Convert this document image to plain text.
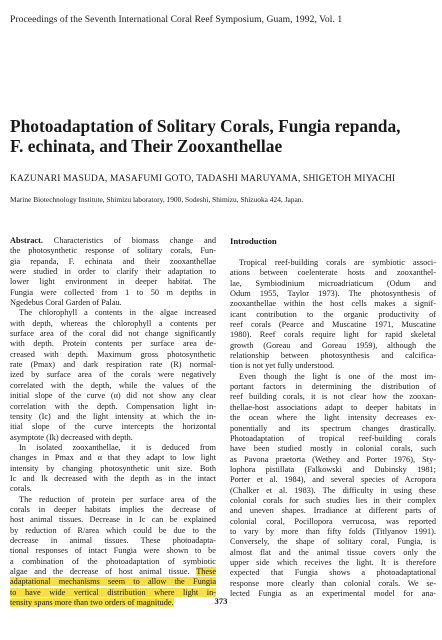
Proceedings of the Seventh International Coral Reef Symposium, Guam, 1992, Vol. 1
Photoadaptation of Solitary Corals, Fungia repanda,
F. echinata, and Their Zooxanthellae
KAZUNARI MASUDA, MASAFUMI GOTO, TADASHI MARUYAMA, SHIGETOH MIYACHI
Marine Biotechnology Institute, Shimizu laboratory, 1900, Sodeshi, Shimizu, Shizuoka 424, Japan.
Abstract. Characteristics of biomass change and
the photosynthetic response of solitary corals, Fun-
gia repanda, F. echinata and their zooxanthellae
were studied in order to clarify their adaptation to
lower light environment in deeper habitat. The
Fungia were collected from 1 to 50 m depths in
Ngedebus Coral Garden of Palau.
The chlorophyll a contents in the algae increased
with depth, whereas the chlorophyll a contents per
surface area of the coral did not change significantly
with depth. Protein contents per surface area de-
creased with depth. Maximum gross photosynthetic
rate (Pmax) and dark respiration rate (R) normal-
ized by surface area of the corals were negatively
correlated with the depth, while the values of the
initial slope of the curve (α) did not show any clear
correlation with the depth. Compensation light in-
tensity (Ic) and the light intensity at which the in-
itial slope of the curve intercepts the horizontal
asymptote (Ik) decreased with depth.
In isolated zooxanthellae, it is deduced from
changes in Pmax and α that they adapt to low light
intensity by changing photosynthetic unit size. Both
Ic and Ik decreased with the depth as in the intact
corals.
The reduction of protein per surface area of the
corals in deeper habitats implies the decrease of
host animal tissues. Decrease in Ic can be explained
by reduction of R/area which could be due to the
decrease in animal tissues. These photoadapta-
tional responses of intact Fungia were shown to be
a combination of the photoadaptation of symbiotic
algae and the decrease of host animal tissue. These
adaptational mechanisms seem to allow the Fungia
to have wide vertical distribution where light in-
tensity spans more than two orders of magnitude.
Introduction
Tropical reef-building corals are symbiotic associ-
ations between coelenterate hosts and zooxanthel-
lae, Symbiodinium microadriaticum (Odum and
Odum 1955, Taylor 1973). The photosynthesis of
zooxanthellae within the host cells makes a signif-
icant contribution to the organic productivity of
reef corals (Pearce and Muscatine 1971, Muscatine
1980). Reef corals require light for rapid skeletal
growth (Goreau and Goreau 1959), although the
relationship between photosynthesis and calcifica-
tion is not yet fully understood.
Even though the light is one of the most im-
portant factors in determining the distribution of
reef building corals, it is not clear how the zooxan-
thellae-host associations adapt to deeper habitats in
the ocean where the light intensity decreases ex-
ponentially and its spectrum changes drastically.
Photoadaptation of tropical reef-building corals
have been studied mostly in colonial corals, such
as Pavona praetorta (Wethey and Porter 1976), Sty-
lophora pistillata (Falkowski and Dubinsky 1981;
Porter et al. 1984), and several species of Acropora
(Chalker et al. 1983). The difficulty in using these
colonial corals for such studies lies in their complex
and uneven shapes. Irradiance at different parts of
colonial coral, Pocillopora verrucosa, was reported
to vary by more than fifty folds (Titlyanov 1991).
Conversely, the shape of solitary coral, Fungia, is
almost flat and the animal tissue covers only the
upper side which receives the light. It is therefore
expected that Fungia shows a photoadaptational
response more clearly than colonial corals. We se-
lected Fungia as an experimental model for ana-
373
